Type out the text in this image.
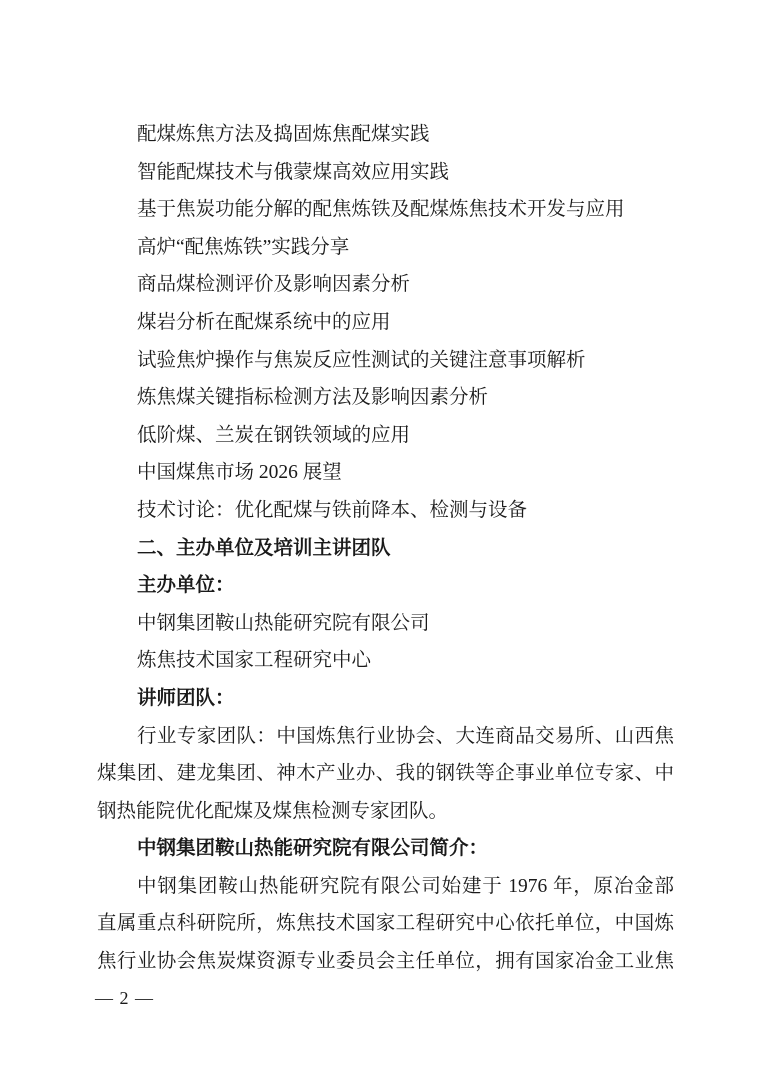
配煤炼焦方法及捣固炼焦配煤实践
智能配煤技术与俄蒙煤高效应用实践
基于焦炭功能分解的配焦炼铁及配煤炼焦技术开发与应用
高炉“配焦炼铁”实践分享
商品煤检测评价及影响因素分析
煤岩分析在配煤系统中的应用
试验焦炉操作与焦炭反应性测试的关键注意事项解析
炼焦煤关键指标检测方法及影响因素分析
低阶煤、兰炭在钢铁领域的应用
中国煤焦市场 2026 展望
技术讨论：优化配煤与铁前降本、检测与设备
二、主办单位及培训主讲团队
主办单位：
中钢集团鞍山热能研究院有限公司
炼焦技术国家工程研究中心
讲师团队：
行业专家团队：中国炼焦行业协会、大连商品交易所、山西焦
煤集团、建龙集团、神木产业办、我的钢铁等企事业单位专家、中
钢热能院优化配煤及煤焦检测专家团队。
中钢集团鞍山热能研究院有限公司简介：
中钢集团鞍山热能研究院有限公司始建于 1976 年，原冶金部
直属重点科研院所，炼焦技术国家工程研究中心依托单位，中国炼
焦行业协会焦炭煤资源专业委员会主任单位，拥有国家冶金工业焦
— 2 —
